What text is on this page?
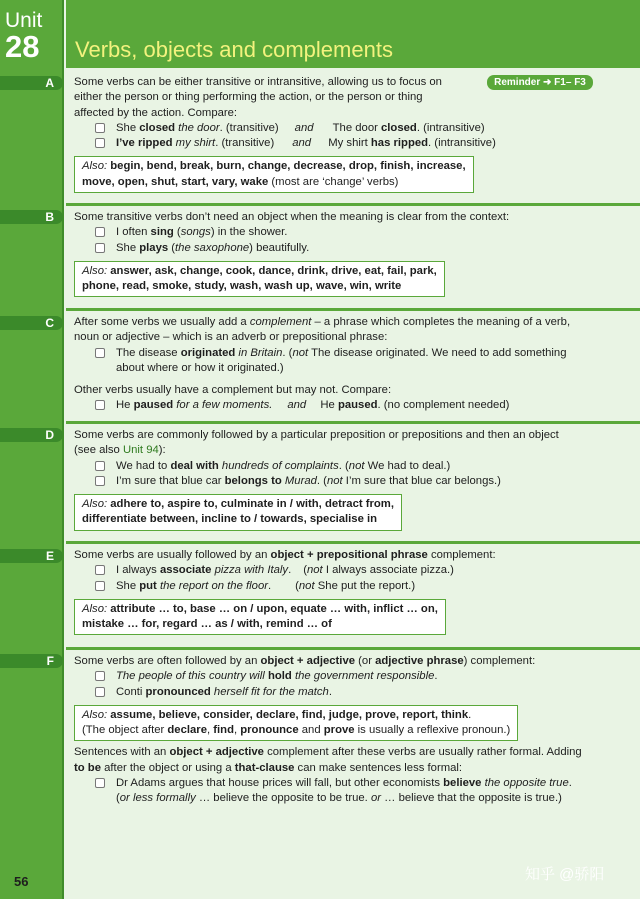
Unit
28
56
Verbs, objects and complements
Reminder ➜ F1– F3
A
B
C
D
E
F
Some verbs can be either transitive or intransitive, allowing us to focus on
either the person or thing performing the action, or the person or thing
affected by the action. Compare:
She closed the door. (transitive) and The door closed. (intransitive)
I’ve ripped my shirt. (transitive) and My shirt has ripped. (intransitive)
Also: begin, bend, break, burn, change, decrease, drop, finish, increase,
move, open, shut, start, vary, wake (most are ‘change’ verbs)
Some transitive verbs don’t need an object when the meaning is clear from the context:
I often sing (songs) in the shower.
She plays (the saxophone) beautifully.
Also: answer, ask, change, cook, dance, drink, drive, eat, fail, park,
phone, read, smoke, study, wash, wash up, wave, win, write
After some verbs we usually add a complement – a phrase which completes the meaning of a verb,
noun or adjective – which is an adverb or prepositional phrase:
The disease originated in Britain. (not The disease originated. We need to add something
about where or how it originated.)
Other verbs usually have a complement but may not. Compare:
He paused for a few moments. and He paused. (no complement needed)
Some verbs are commonly followed by a particular preposition or prepositions and then an object
(see also Unit 94):
We had to deal with hundreds of complaints. (not We had to deal.)
I’m sure that blue car belongs to Murad. (not I’m sure that blue car belongs.)
Also: adhere to, aspire to, culminate in / with, detract from,
differentiate between, incline to / towards, specialise in
Some verbs are usually followed by an object + prepositional phrase complement:
I always associate pizza with Italy. (not I always associate pizza.)
She put the report on the floor. (not She put the report.)
Also: attribute … to, base … on / upon, equate … with, inflict … on,
mistake … for, regard … as / with, remind … of
Some verbs are often followed by an object + adjective (or adjective phrase) complement:
The people of this country will hold the government responsible.
Conti pronounced herself fit for the match.
Also: assume, believe, consider, declare, find, judge, prove, report, think.
(The object after declare, find, pronounce and prove is usually a reflexive pronoun.)
Sentences with an object + adjective complement after these verbs are usually rather formal. Adding
to be after the object or using a that-clause can make sentences less formal:
Dr Adams argues that house prices will fall, but other economists believe the opposite true.
(or less formally … believe the opposite to be true. or … believe that the opposite is true.)
知乎 @骄阳
